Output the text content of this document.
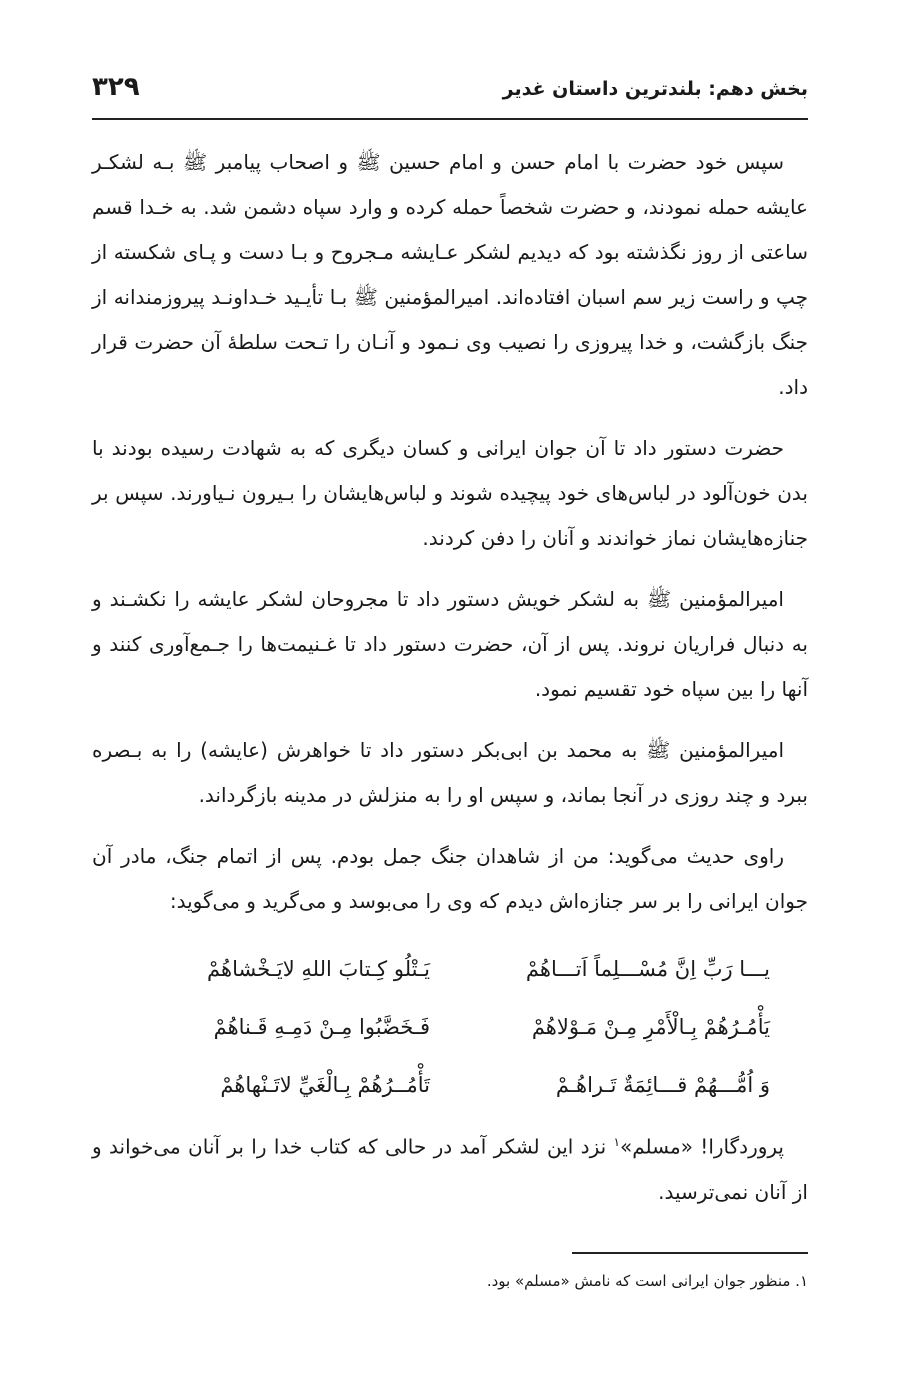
بخش دهم: بلندترین داستان غدیر
۳۲۹

سپس خود حضرت با امام حسن و امام حسین ﷺ و اصحاب پیامبر ﷺ بـه لشکـر عایشه حمله نمودند، و حضرت شخصاً حمله کرده و وارد سپاه دشمن شد. به خـدا قسم ساعتی از روز نگذشته بود که دیدیم لشکر عـایشه مـجروح و بـا دست و پـای شکسته از چپ و راست زیر سم اسبان افتاده‌اند. امیرالمؤمنین ﷺ بـا تأیـید خـداونـد پیروزمندانه از جنگ بازگشت، و خدا پیروزی را نصیب وی نـمود و آنـان را تـحت سلطهٔ آن حضرت قرار داد.

حضرت دستور داد تا آن جوان ایرانی و کسان دیگری که به شهادت رسیده بودند با بدن خون‌آلود در لباس‌های خود پیچیده شوند و لباس‌هایشان را بـیرون نـیاورند. سپس بر جنازه‌هایشان نماز خواندند و آنان را دفن کردند.

امیرالمؤمنین ﷺ به لشکر خویش دستور داد تا مجروحان لشکر عایشه را نکشـند و به دنبال فراریان نروند. پس از آن، حضرت دستور داد تا غـنیمت‌ها را جـمع‌آوری کنند و آنها را بین سپاه خود تقسیم نمود.

امیرالمؤمنین ﷺ به محمد بن ابی‌بکر دستور داد تا خواهرش (عایشه) را به بـصره ببرد و چند روزی در آنجا بماند، و سپس او را به منزلش در مدینه بازگرداند.

راوی حدیث می‌گوید: من از شاهدان جنگ جمل بودم. پس از اتمام جنگ، مادر آن جوان ایرانی را بر سر جنازه‌اش دیدم که وی را می‌بوسد و می‌گرید و می‌گوید:

یـــا رَبِّ اِنَّ مُسْـــلِماً اَتـــاهُمْ
یَـتْلُو کِـتابَ اللهِ لایَـخْشاهُمْ
یَأْمُـرُهُمْ بِـالْأَمْرِ مِـنْ مَـوْلاهُمْ
فَـخَضَّبُوا مِـنْ دَمِـهِ قَـناهُمْ
وَ اُمُّـــهُمْ قـــائِمَةٌ تَـراهُـمْ
تَأْمُــرُهُمْ بِـالْغَيِّ لاتَـنْهاهُمْ

پروردگارا! «مسلم»$^۱$ نزد این لشکر آمد در حالی که کتاب خدا را بر آنان می‌خواند و از آنان نمی‌ترسید.

۱. منظور جوان ایرانی است که نامش «مسلم» بود.
